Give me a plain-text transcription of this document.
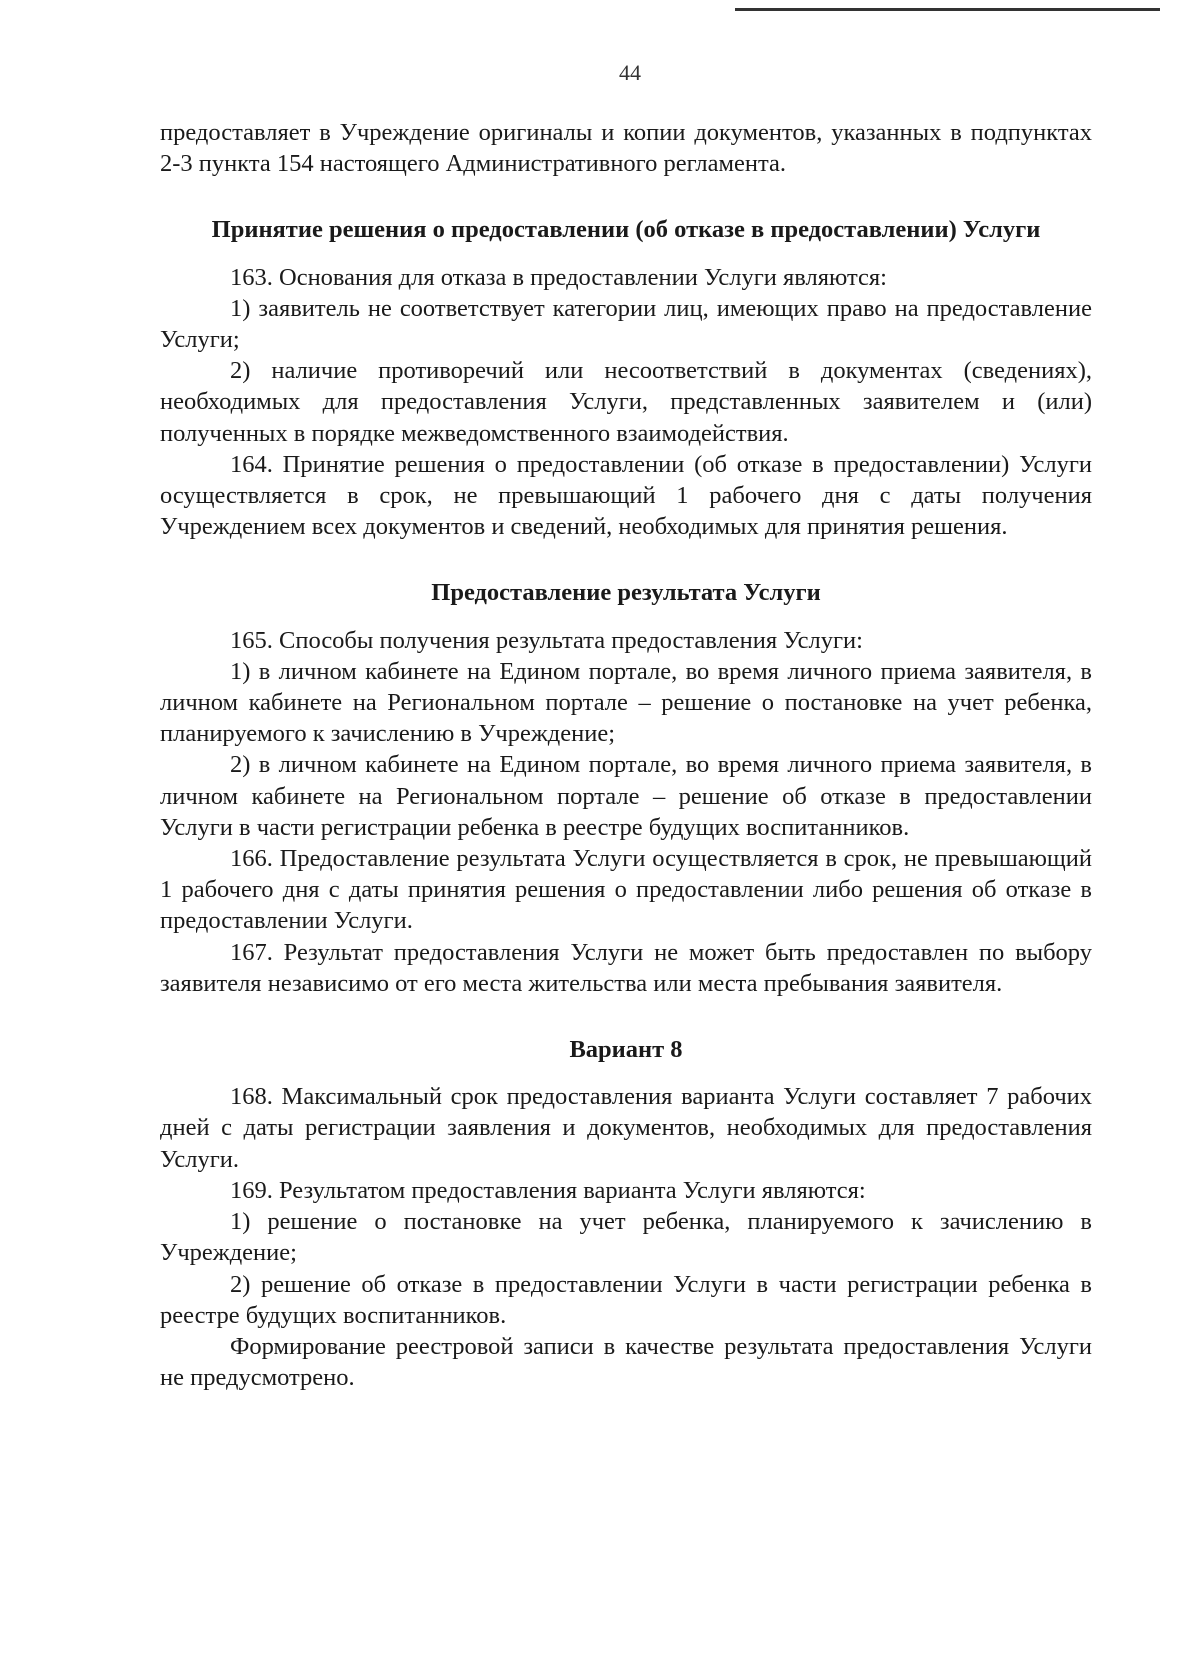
44

предоставляет в Учреждение оригиналы и копии документов, указанных в подпунктах 2-3 пункта 154 настоящего Административного регламента.

Принятие решения о предоставлении (об отказе в предоставлении) Услуги

163. Основания для отказа в предоставлении Услуги являются:

1) заявитель не соответствует категории лиц, имеющих право на предоставление Услуги;

2) наличие противоречий или несоответствий в документах (сведениях), необходимых для предоставления Услуги, представленных заявителем и (или) полученных в порядке межведомственного взаимодействия.

164. Принятие решения о предоставлении (об отказе в предоставлении) Услуги осуществляется в срок, не превышающий 1 рабочего дня с даты получения Учреждением всех документов и сведений, необходимых для принятия решения.

Предоставление результата Услуги

165. Способы получения результата предоставления Услуги:

1) в личном кабинете на Едином портале, во время личного приема заявителя, в личном кабинете на Региональном портале – решение о постановке на учет ребенка, планируемого к зачислению в Учреждение;

2) в личном кабинете на Едином портале, во время личного приема заявителя, в личном кабинете на Региональном портале – решение об отказе в предоставлении Услуги в части регистрации ребенка в реестре будущих воспитанников.

166. Предоставление результата Услуги осуществляется в срок, не превышающий 1 рабочего дня с даты принятия решения о предоставлении либо решения об отказе в предоставлении Услуги.

167. Результат предоставления Услуги не может быть предоставлен по выбору заявителя независимо от его места жительства или места пребывания заявителя.

Вариант 8

168. Максимальный срок предоставления варианта Услуги составляет 7 рабочих дней с даты регистрации заявления и документов, необходимых для предоставления Услуги.

169. Результатом предоставления варианта Услуги являются:

1) решение о постановке на учет ребенка, планируемого к зачислению в Учреждение;

2) решение об отказе в предоставлении Услуги в части регистрации ребенка в реестре будущих воспитанников.

Формирование реестровой записи в качестве результата предоставления Услуги не предусмотрено.
